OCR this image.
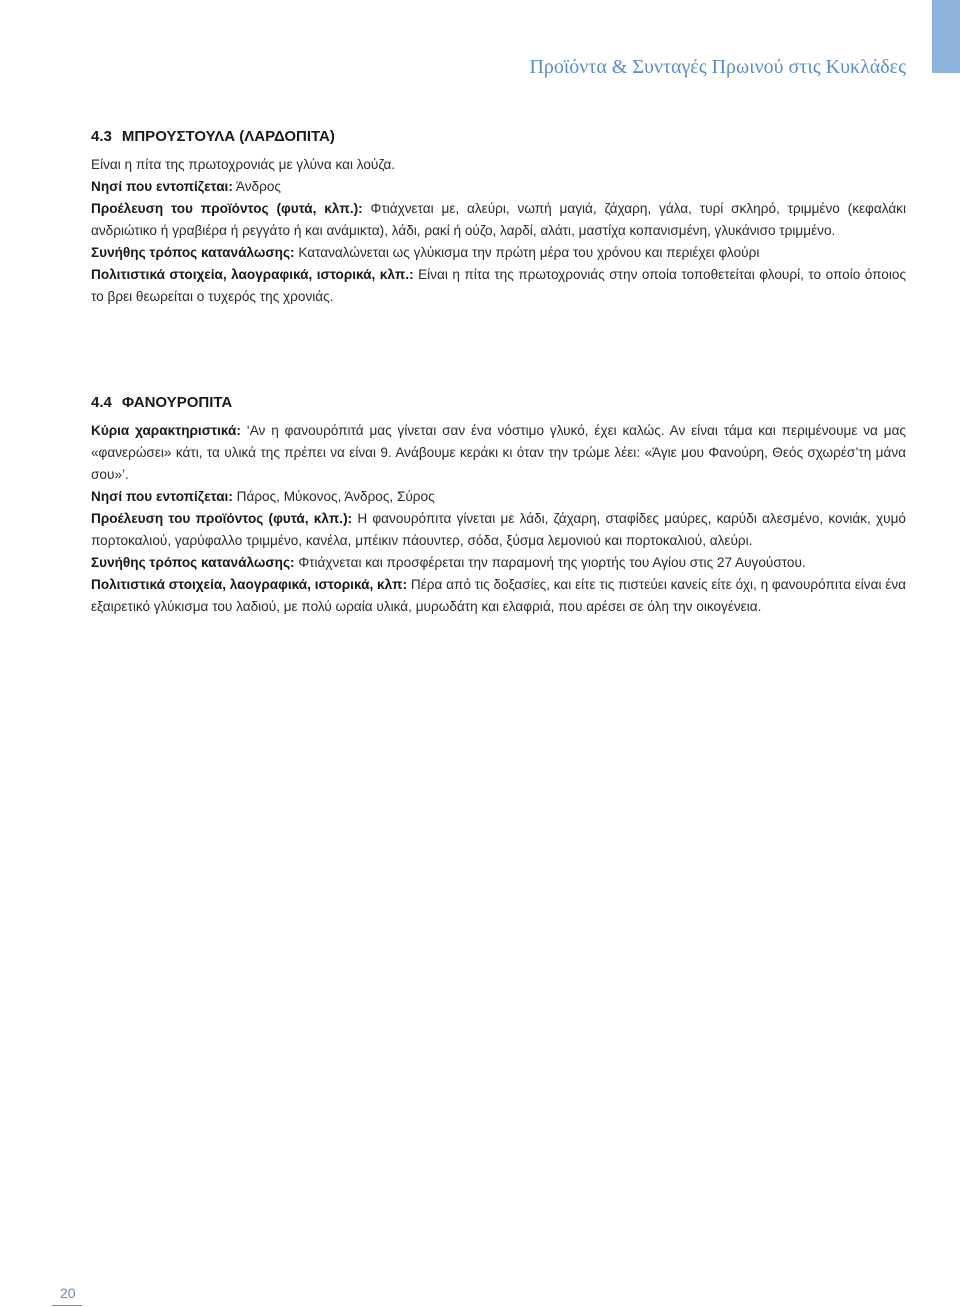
Προϊόντα & Συνταγές Πρωινού στις Κυκλάδες
4.3 ΜΠΡΟΥΣΤΟΥΛΑ (ΛΑΡΔΟΠΙΤΑ)

Είναι η πίτα της πρωτοχρονιάς με γλύνα και λούζα.

Νησί που εντοπίζεται: Άνδρος

Προέλευση του προϊόντος (φυτά, κλπ.): Φτιάχνεται με, αλεύρι, νωπή μαγιά, ζάχαρη, γάλα, τυρί σκληρό, τριμμένο (κεφαλάκι ανδριώτικο ή γραβιέρα ή ρεγγάτο ή και ανάμικτα), λάδι, ρακί ή ούζο, λαρδί, αλάτι, μαστίχα κοπανισμένη, γλυκάνισο τριμμένο.

Συνήθης τρόπος κατανάλωσης: Καταναλώνεται ως γλύκισμα την πρώτη μέρα του χρόνου και περιέχει φλούρι

Πολιτιστικά στοιχεία, λαογραφικά, ιστορικά, κλπ.: Είναι η πίτα της πρωτοχρονιάς στην οποία τοποθετείται φλουρί, το οποίο όποιος το βρει θεωρείται ο τυχερός της χρονιάς.

4.4 ΦΑΝΟΥΡΟΠΙΤΑ

Κύρια χαρακτηριστικά: ‘Αν η φανουρόπιτά μας γίνεται σαν ένα νόστιμο γλυκό, έχει καλώς. Αν είναι τάμα και περιμένουμε να μας «φανερώσει» κάτι, τα υλικά της πρέπει να είναι 9. Ανάβουμε κεράκι κι όταν την τρώμε λέει: «Άγιε μου Φανούρη, Θεός σχωρέσ’τη μάνα σου»’.

Νησί που εντοπίζεται: Πάρος, Μύκονος, Άνδρος, Σύρος

Προέλευση του προϊόντος (φυτά, κλπ.): Η φανουρόπιτα γίνεται με λάδι, ζάχαρη, σταφίδες μαύρες, καρύδι αλεσμένο, κονιάκ, χυμό πορτοκαλιού, γαρύφαλλο τριμμένο, κανέλα, μπέικιν πάουντερ, σόδα, ξύσμα λεμονιού και πορτοκαλιού, αλεύρι.

Συνήθης τρόπος κατανάλωσης: Φτιάχνεται και προσφέρεται την παραμονή της γιορτής του Αγίου στις 27 Αυγούστου.

Πολιτιστικά στοιχεία, λαογραφικά, ιστορικά, κλπ: Πέρα από τις δοξασίες, και είτε τις πιστεύει κανείς είτε όχι, η φανουρόπιτα είναι ένα εξαιρετικό γλύκισμα του λαδιού, με πολύ ωραία υλικά, μυρωδάτη και ελαφριά, που αρέσει σε όλη την οικογένεια.

20
